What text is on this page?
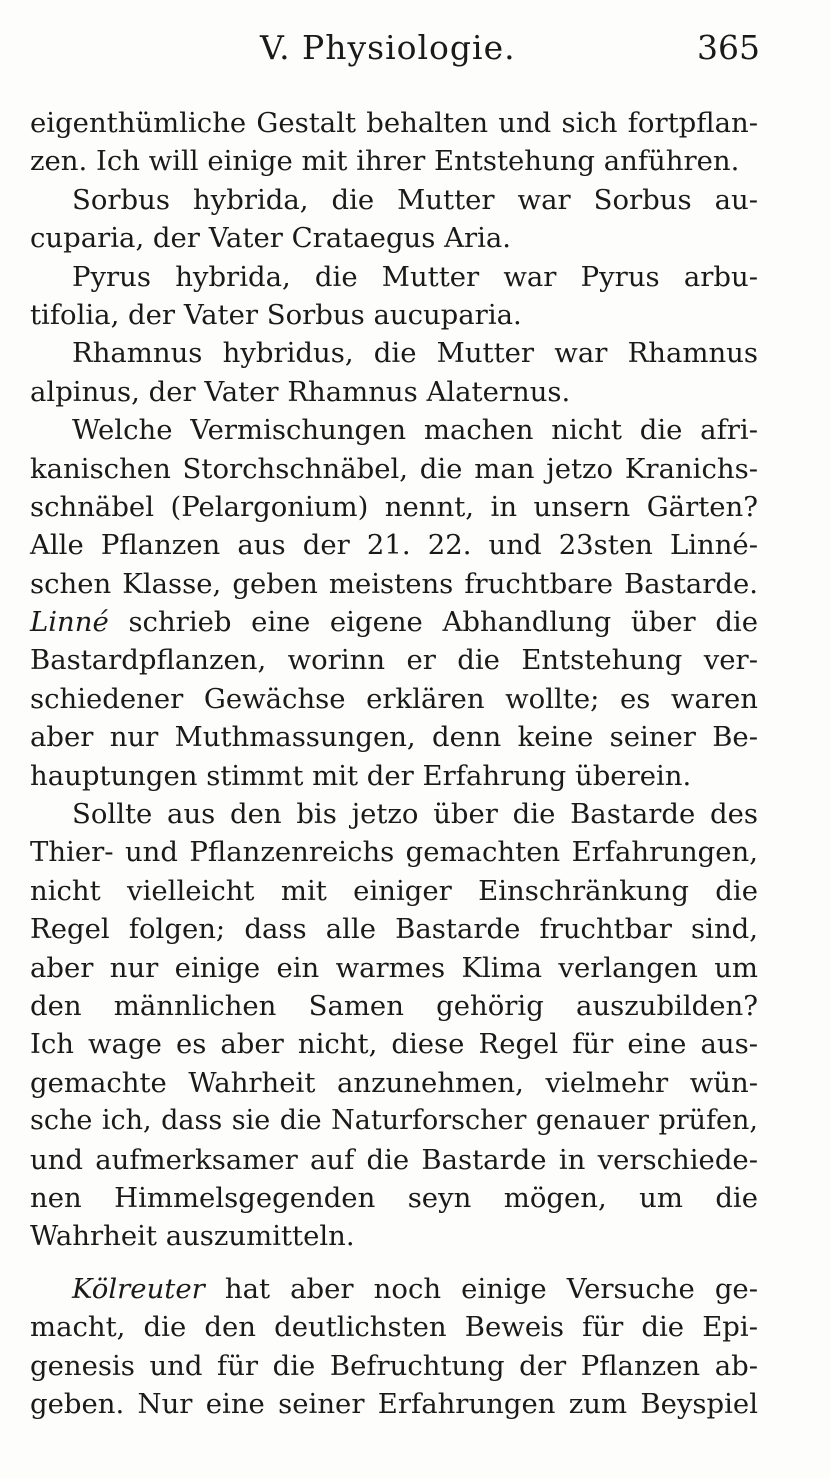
V. Physiologie.	365
eigenthümliche Gestalt behalten und sich fortpflan-
zen. Ich will einige mit ihrer Entstehung anführen.
Sorbus hybrida, die Mutter war Sorbus au-
cuparia, der Vater Crataegus Aria.
Pyrus hybrida, die Mutter war Pyrus arbu-
tifolia, der Vater Sorbus aucuparia.
Rhamnus hybridus, die Mutter war Rhamnus
alpinus, der Vater Rhamnus Alaternus.
Welche Vermischungen machen nicht die afri-
kanischen Storchschnäbel, die man jetzo Kranichs-
schnäbel (Pelargonium) nennt, in unsern Gärten?
Alle Pflanzen aus der 21. 22. und 23sten Linné-
schen Klasse, geben meistens fruchtbare Bastarde.
Linné schrieb eine eigene Abhandlung über die
Bastardpflanzen, worinn er die Entstehung ver-
schiedener Gewächse erklären wollte; es waren
aber nur Muthmassungen, denn keine seiner Be-
hauptungen stimmt mit der Erfahrung überein.
Sollte aus den bis jetzo über die Bastarde des
Thier- und Pflanzenreichs gemachten Erfahrungen,
nicht vielleicht mit einiger Einschränkung die
Regel folgen; dass alle Bastarde fruchtbar sind,
aber nur einige ein warmes Klima verlangen um
den männlichen Samen gehörig auszubilden?
Ich wage es aber nicht, diese Regel für eine aus-
gemachte Wahrheit anzunehmen, vielmehr wün-
sche ich, dass sie die Naturforscher genauer prüfen,
und aufmerksamer auf die Bastarde in verschiede-
nen Himmelsgegenden seyn mögen, um die
Wahrheit auszumitteln.
Kölreuter hat aber noch einige Versuche ge-
macht, die den deutlichsten Beweis für die Epi-
genesis und für die Befruchtung der Pflanzen ab-
geben. Nur eine seiner Erfahrungen zum Beyspiel
